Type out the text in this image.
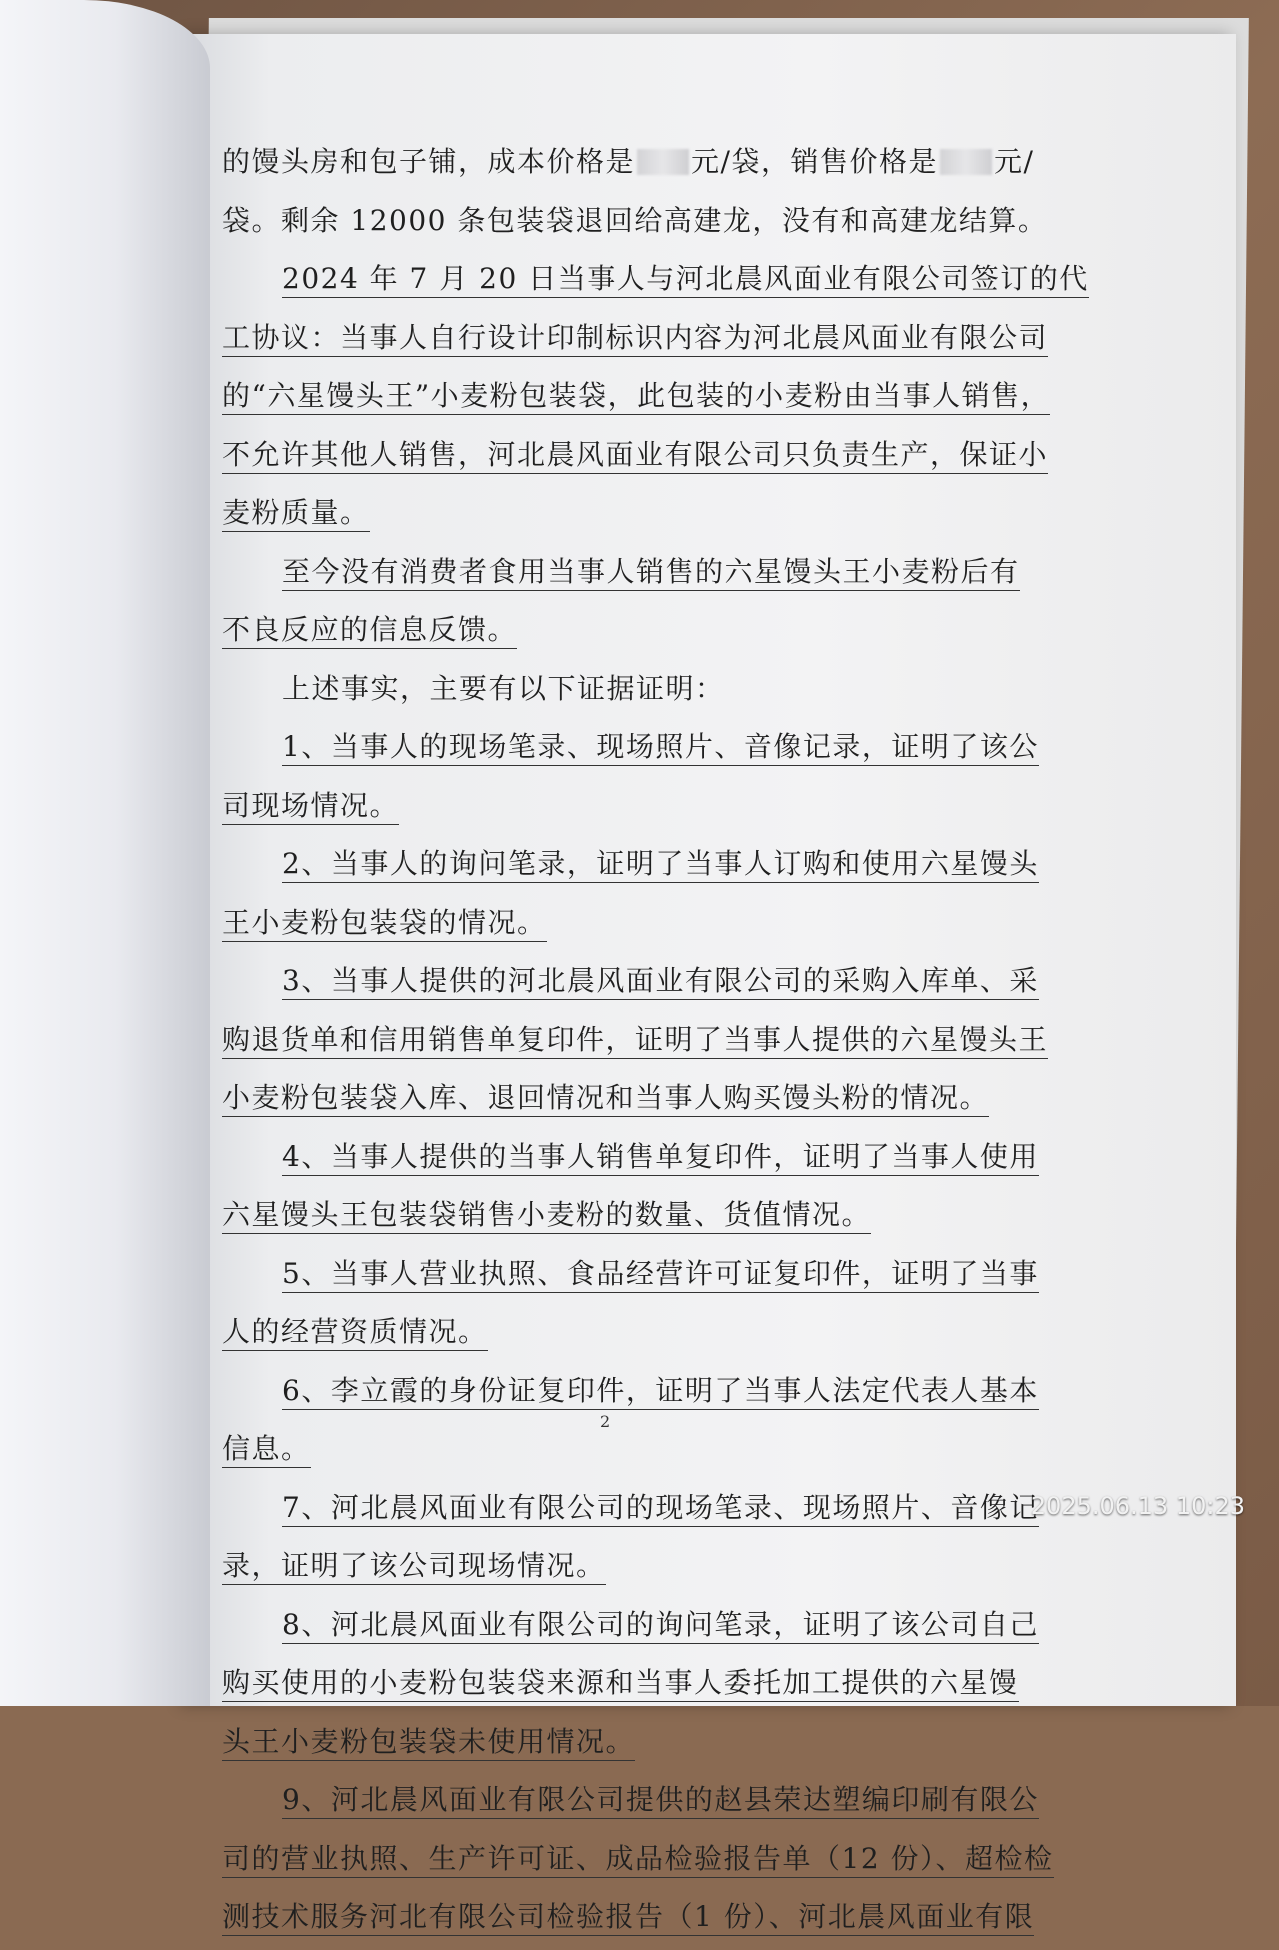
的馒头房和包子铺，成本价格是 元/袋，销售价格是 元/
袋。剩余 12000 条包装袋退回给高建龙，没有和高建龙结算。
2024 年 7 月 20 日当事人与河北晨风面业有限公司签订的代
工协议：当事人自行设计印制标识内容为河北晨风面业有限公司
的“六星馒头王”小麦粉包装袋，此包装的小麦粉由当事人销售，
不允许其他人销售，河北晨风面业有限公司只负责生产，保证小
麦粉质量。
至今没有消费者食用当事人销售的六星馒头王小麦粉后有
不良反应的信息反馈。
上述事实，主要有以下证据证明：
1、当事人的现场笔录、现场照片、音像记录，证明了该公
司现场情况。
2、当事人的询问笔录，证明了当事人订购和使用六星馒头
王小麦粉包装袋的情况。
3、当事人提供的河北晨风面业有限公司的采购入库单、采
购退货单和信用销售单复印件，证明了当事人提供的六星馒头王
小麦粉包装袋入库、退回情况和当事人购买馒头粉的情况。
4、当事人提供的当事人销售单复印件，证明了当事人使用
六星馒头王包装袋销售小麦粉的数量、货值情况。
5、当事人营业执照、食品经营许可证复印件，证明了当事
人的经营资质情况。
6、李立霞的身份证复印件，证明了当事人法定代表人基本
信息。
7、河北晨风面业有限公司的现场笔录、现场照片、音像记
录，证明了该公司现场情况。
8、河北晨风面业有限公司的询问笔录，证明了该公司自己
购买使用的小麦粉包装袋来源和当事人委托加工提供的六星馒
头王小麦粉包装袋未使用情况。
9、河北晨风面业有限公司提供的赵县荣达塑编印刷有限公
司的营业执照、生产许可证、成品检验报告单（12 份）、超检检
测技术服务河北有限公司检验报告（1 份）、河北晨风面业有限
2
2025.06.13 10:23
